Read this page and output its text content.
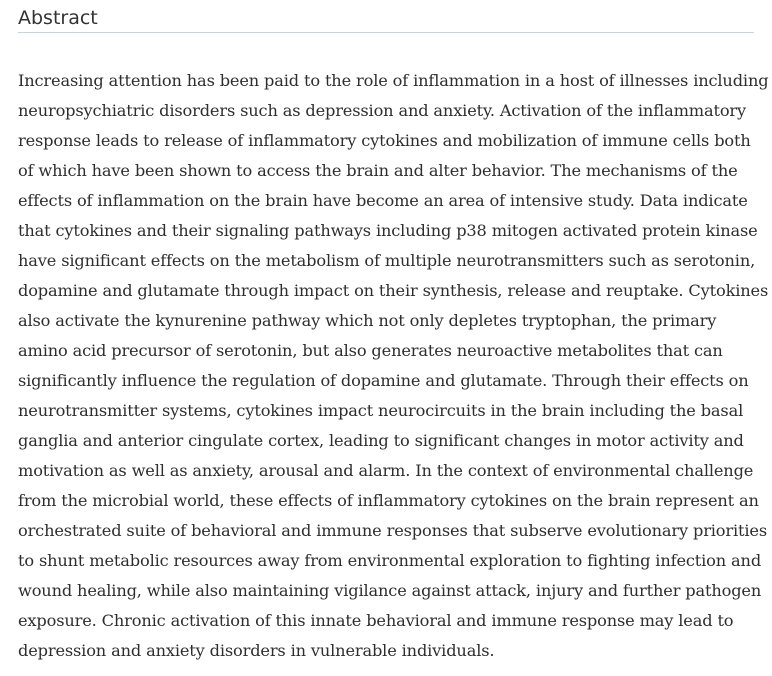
Abstract

Increasing attention has been paid to the role of inflammation in a host of illnesses including
neuropsychiatric disorders such as depression and anxiety. Activation of the inflammatory
response leads to release of inflammatory cytokines and mobilization of immune cells both
of which have been shown to access the brain and alter behavior. The mechanisms of the
effects of inflammation on the brain have become an area of intensive study. Data indicate
that cytokines and their signaling pathways including p38 mitogen activated protein kinase
have significant effects on the metabolism of multiple neurotransmitters such as serotonin,
dopamine and glutamate through impact on their synthesis, release and reuptake. Cytokines
also activate the kynurenine pathway which not only depletes tryptophan, the primary
amino acid precursor of serotonin, but also generates neuroactive metabolites that can
significantly influence the regulation of dopamine and glutamate. Through their effects on
neurotransmitter systems, cytokines impact neurocircuits in the brain including the basal
ganglia and anterior cingulate cortex, leading to significant changes in motor activity and
motivation as well as anxiety, arousal and alarm. In the context of environmental challenge
from the microbial world, these effects of inflammatory cytokines on the brain represent an
orchestrated suite of behavioral and immune responses that subserve evolutionary priorities
to shunt metabolic resources away from environmental exploration to fighting infection and
wound healing, while also maintaining vigilance against attack, injury and further pathogen
exposure. Chronic activation of this innate behavioral and immune response may lead to
depression and anxiety disorders in vulnerable individuals.
